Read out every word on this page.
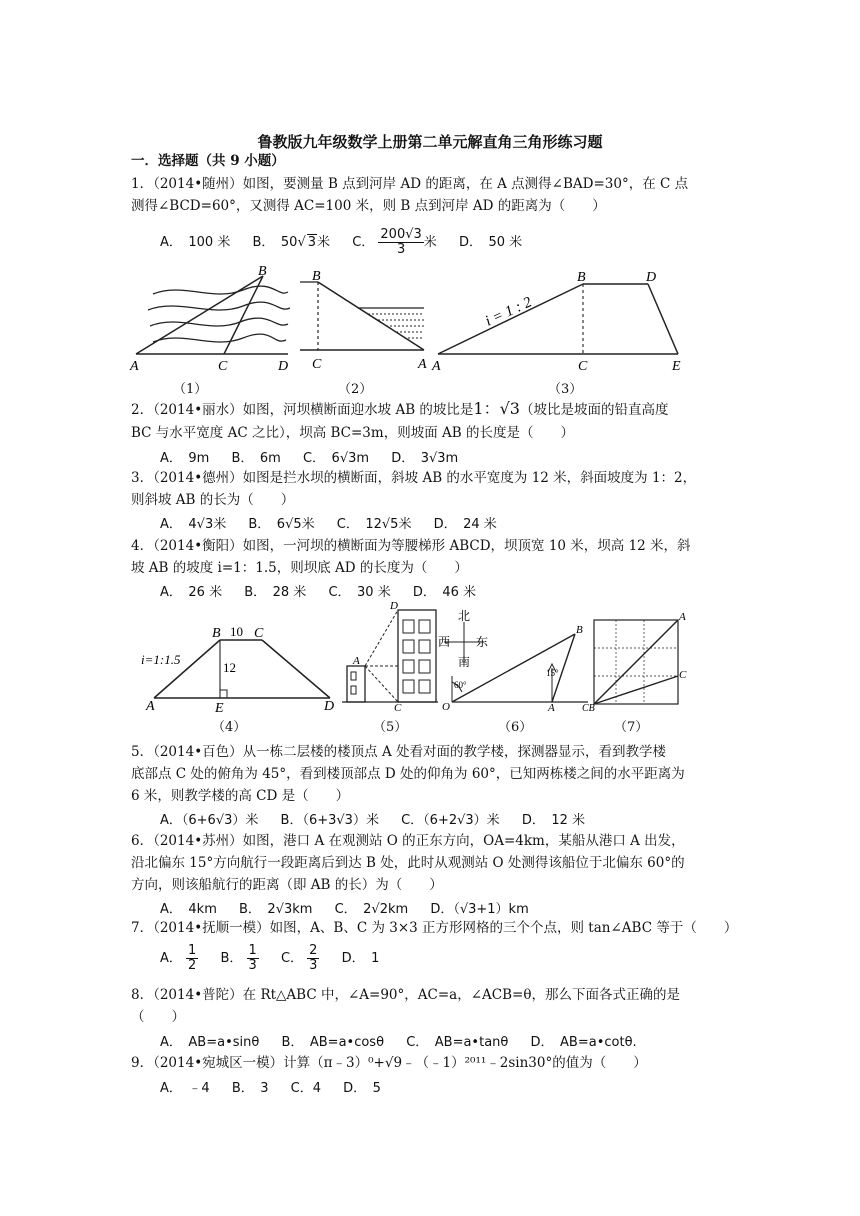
鲁教版九年级数学上册第二单元解直角三角形练习题
一．选择题（共 9 小题）
1．（2014•随州）如图，要测量 B 点到河岸 AD 的距离，在 A 点测得∠BAD=30°，在 C 点
测得∠BCD=60°，又测得 AC=100 米，则 B 点到河岸 AD 的距离为（　　）
A．　100 米 B．　50√ 3米 C． $\frac{200√3}{3}$ 米 D．　50 米
B
A	C	D
（1）
B
C	A
（2）
i = 1 : 2
B	D
A	C	E
（3）
2．（2014•丽水）如图，河坝横断面迎水坡 AB 的坡比是1：√3（坡比是坡面的铅直高度
BC 与水平宽度 AC 之比），坝高 BC=3m，则坡面 AB 的长度是（　　）
A．　9m B．　6m C．　6√3m D．　3√3m
3．（2014•德州）如图是拦水坝的横断面，斜坡 AB 的水平宽度为 12 米，斜面坡度为 1：2，
则斜坡 AB 的长为（　　）
A．　4√3米 B．　6√5米 C．　12√5米 D．　24 米
4．（2014•衡阳）如图，一河坝的横断面为等腰梯形 ABCD，坝顶宽 10 米，坝高 12 米，斜
坡 AB 的坡度 i=1：1.5，则坝底 AD 的长度为（　　）
A．　26 米 B．　28 米 C．　30 米 D．　46 米
i=1:1.5
B 10 C
12
A	E	D
（4）
D
A
C
（5）
北
西 东
南
B
O	A
60°
15°
（6）
A
C
CB
（7）
5．（2014•百色）从一栋二层楼的楼顶点 A 处看对面的教学楼，探测器显示，看到教学楼
底部点 C 处的俯角为 45°，看到楼顶部点 D 处的仰角为 60°，已知两栋楼之间的水平距离为
6 米，则教学楼的高 CD 是（　　）
A．（6+6√3）米 B．（6+3√3）米 C．（6+2√3）米 D．　12 米
6．（2014•苏州）如图，港口 A 在观测站 O 的正东方向，OA=4km，某船从港口 A 出发，
沿北偏东 15°方向航行一段距离后到达 B 处，此时从观测站 O 处测得该船位于北偏东 60°的
方向，则该船航行的距离（即 AB 的长）为（　　）
A．　4km B．　2√3km C．　2√2km D．（√3+1）km
7．（2014•抚顺一模）如图，A、B、C 为 3×3 正方形网格的三个个点，则 tan∠ABC 等于（　　）
A． $\frac{1}{2}$ B． $\frac{1}{3}$ C． $\frac{2}{3}$ D．　1
8．（2014•普陀）在 Rt△ABC 中，∠A=90°，AC=a，∠ACB=θ，那么下面各式正确的是
（　　）
A．　AB=a•sinθ B．　AB=a•cosθ C．　AB=a•tanθ D．　AB=a•cotθ.
9．（2014•宛城区一模）计算（π﹣3）⁰+√9﹣（﹣1）²⁰¹¹﹣2sin30°的值为（　　）
A．　﹣4 B．　3 C．4 D．　5
